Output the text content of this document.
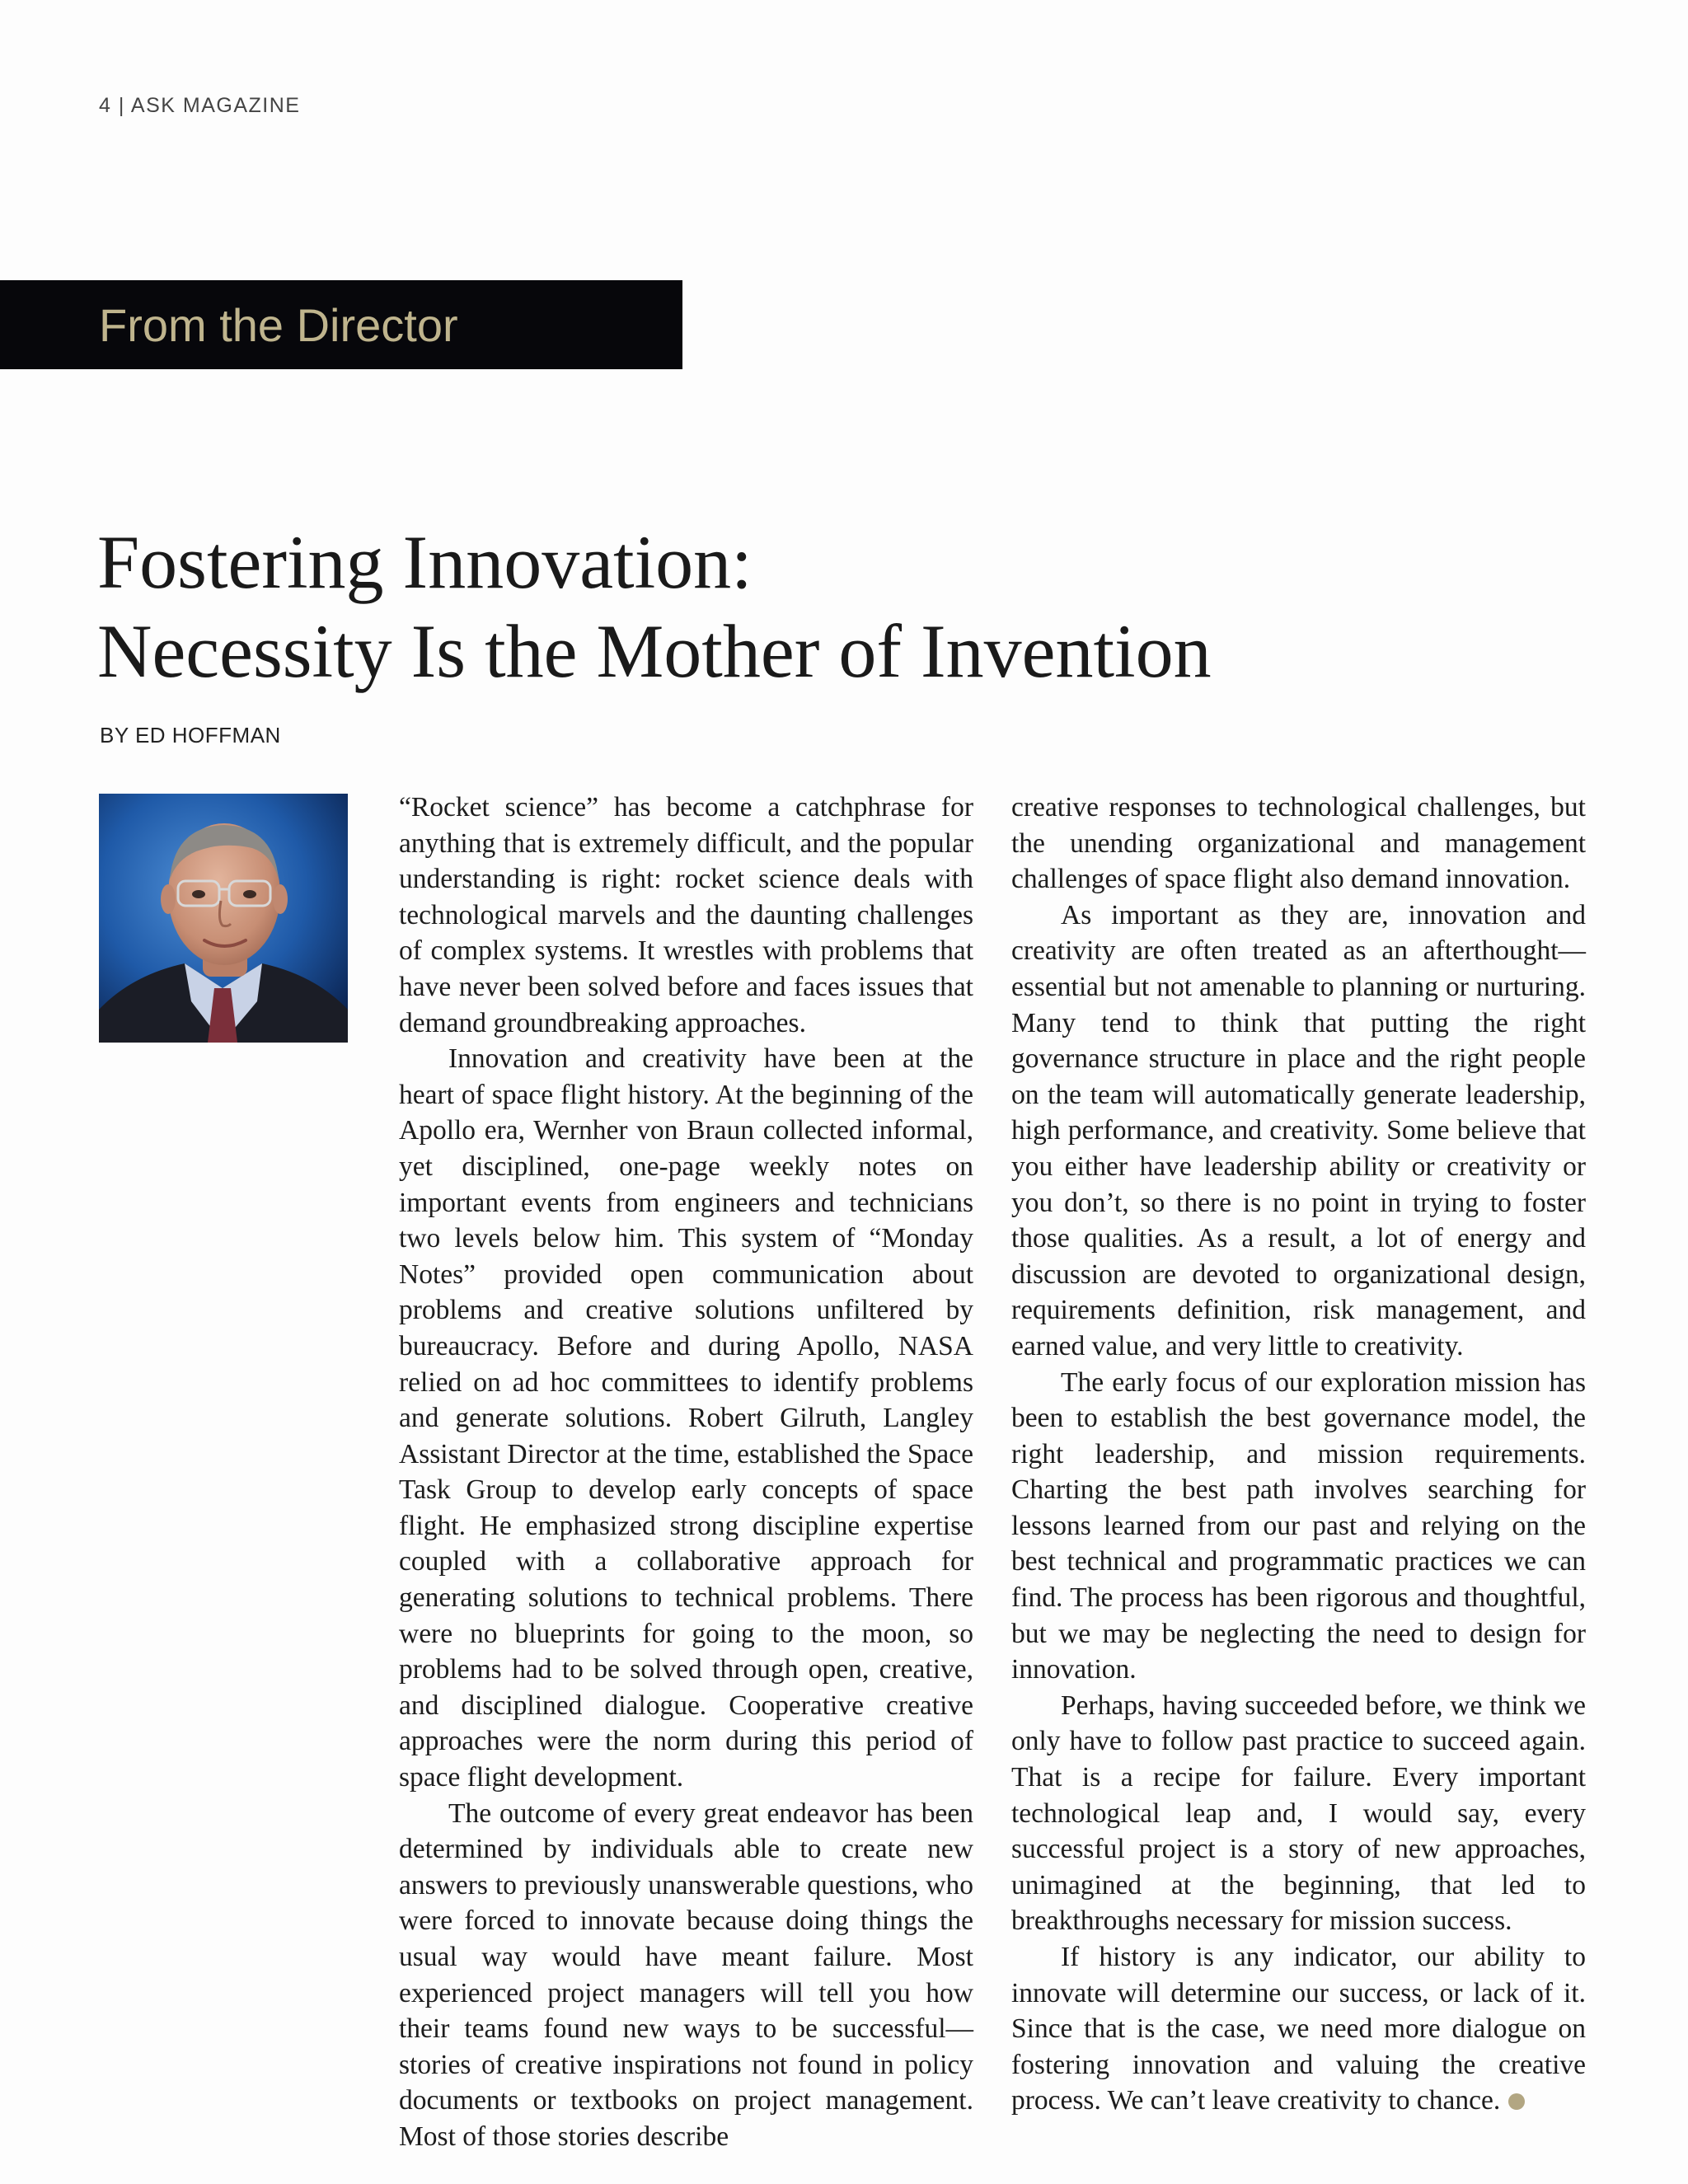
4 | ASK MAGAZINE
From the Director
Fostering Innovation:
Necessity Is the Mother of Invention
BY ED HOFFMAN

“Rocket science” has become a catchphrase for anything that is extremely difficult, and the popular understanding is right: rocket science deals with technological marvels and the daunting challenges of complex systems. It wrestles with problems that have never been solved before and faces issues that demand groundbreaking approaches.

Innovation and creativity have been at the heart of space flight history. At the beginning of the Apollo era, Wernher von Braun collected informal, yet disciplined, one-page weekly notes on important events from engineers and technicians two levels below him. This system of “Monday Notes” provided open communication about problems and creative solutions unfiltered by bureaucracy. Before and during Apollo, NASA relied on ad hoc committees to identify problems and generate solutions. Robert Gilruth, Langley Assistant Director at the time, established the Space Task Group to develop early concepts of space flight. He emphasized strong discipline expertise coupled with a collaborative approach for generating solutions to technical problems. There were no blueprints for going to the moon, so problems had to be solved through open, creative, and disciplined dialogue. Cooperative creative approaches were the norm during this period of space flight development.

The outcome of every great endeavor has been determined by individuals able to create new answers to previously unanswerable questions, who were forced to innovate because doing things the usual way would have meant failure. Most experienced project managers will tell you how their teams found new ways to be successful—stories of creative inspirations not found in policy documents or textbooks on project management. Most of those stories describe

creative responses to technological challenges, but the unending organizational and management challenges of space flight also demand innovation.

As important as they are, innovation and creativity are often treated as an afterthought—essential but not amenable to planning or nurturing. Many tend to think that putting the right governance structure in place and the right people on the team will automatically generate leadership, high performance, and creativity. Some believe that you either have leadership ability or creativity or you don’t, so there is no point in trying to foster those qualities. As a result, a lot of energy and discussion are devoted to organizational design, requirements definition, risk management, and earned value, and very little to creativity.

The early focus of our exploration mission has been to establish the best governance model, the right leadership, and mission requirements. Charting the best path involves searching for lessons learned from our past and relying on the best technical and programmatic practices we can find. The process has been rigorous and thoughtful, but we may be neglecting the need to design for innovation.

Perhaps, having succeeded before, we think we only have to follow past practice to succeed again. That is a recipe for failure. Every important technological leap and, I would say, every successful project is a story of new approaches, unimagined at the beginning, that led to breakthroughs necessary for mission success.

If history is any indicator, our ability to innovate will determine our success, or lack of it. Since that is the case, we need more dialogue on fostering innovation and valuing the creative process. We can’t leave creativity to chance.
